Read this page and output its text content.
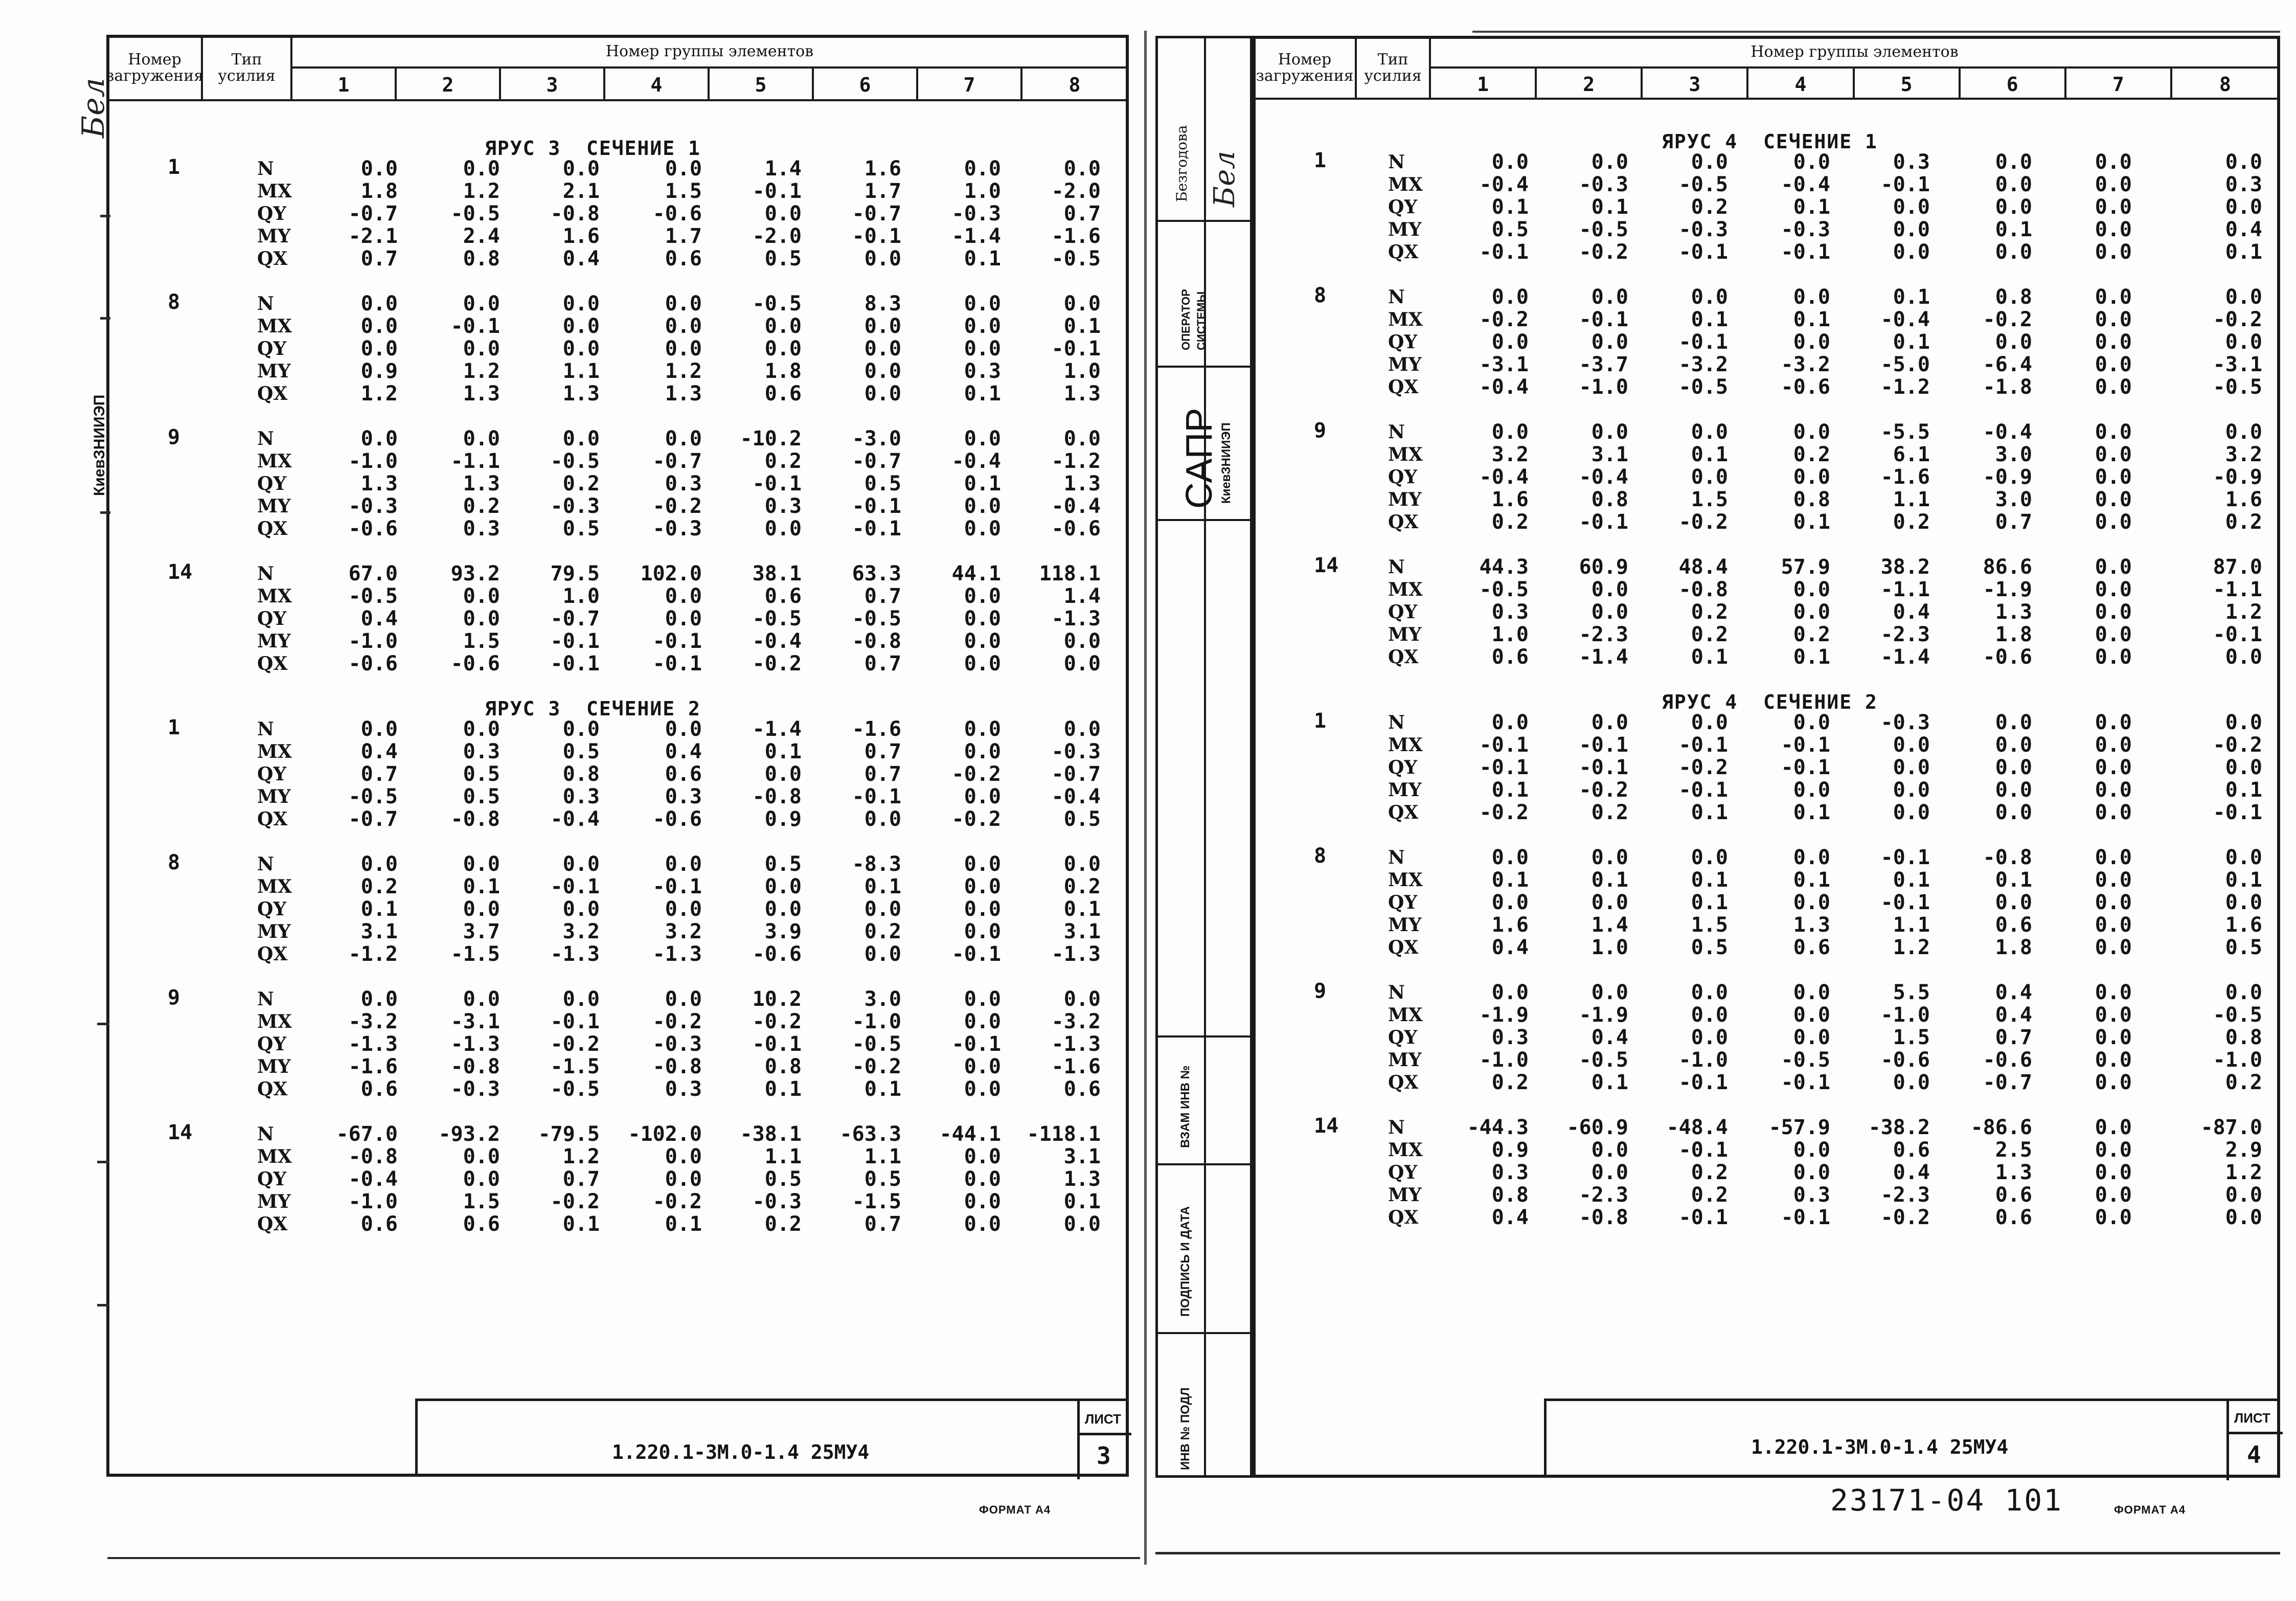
Номер загружения
Тип усилия
Номер группы элементов
1	2	3	4	5	6	7	8
ЯРУС 3  СЕЧЕНИЕ 1
1	N	0.0	0.0	0.0	0.0	1.4	1.6	0.0	0.0
MX	1.8	1.2	2.1	1.5	-0.1	1.7	1.0	-2.0
QY	-0.7	-0.5	-0.8	-0.6	0.0	-0.7	-0.3	0.7
MY	-2.1	2.4	1.6	1.7	-2.0	-0.1	-1.4	-1.6
QX	0.7	0.8	0.4	0.6	0.5	0.0	0.1	-0.5
8	N	0.0	0.0	0.0	0.0	-0.5	8.3	0.0	0.0
MX	0.0	-0.1	0.0	0.0	0.0	0.0	0.0	0.1
QY	0.0	0.0	0.0	0.0	0.0	0.0	0.0	-0.1
MY	0.9	1.2	1.1	1.2	1.8	0.0	0.3	1.0
QX	1.2	1.3	1.3	1.3	0.6	0.0	0.1	1.3
9	N	0.0	0.0	0.0	0.0	-10.2	-3.0	0.0	0.0
MX	-1.0	-1.1	-0.5	-0.7	0.2	-0.7	-0.4	-1.2
QY	1.3	1.3	0.2	0.3	-0.1	0.5	0.1	1.3
MY	-0.3	0.2	-0.3	-0.2	0.3	-0.1	0.0	-0.4
QX	-0.6	0.3	0.5	-0.3	0.0	-0.1	0.0	-0.6
14	N	67.0	93.2	79.5	102.0	38.1	63.3	44.1	118.1
MX	-0.5	0.0	1.0	0.0	0.6	0.7	0.0	1.4
QY	0.4	0.0	-0.7	0.0	-0.5	-0.5	0.0	-1.3
MY	-1.0	1.5	-0.1	-0.1	-0.4	-0.8	0.0	0.0
QX	-0.6	-0.6	-0.1	-0.1	-0.2	0.7	0.0	0.0
ЯРУС 3  СЕЧЕНИЕ 2
1	N	0.0	0.0	0.0	0.0	-1.4	-1.6	0.0	0.0
MX	0.4	0.3	0.5	0.4	0.1	0.7	0.0	-0.3
QY	0.7	0.5	0.8	0.6	0.0	0.7	-0.2	-0.7
MY	-0.5	0.5	0.3	0.3	-0.8	-0.1	0.0	-0.4
QX	-0.7	-0.8	-0.4	-0.6	0.9	0.0	-0.2	0.5
8	N	0.0	0.0	0.0	0.0	0.5	-8.3	0.0	0.0
MX	0.2	0.1	-0.1	-0.1	0.0	0.1	0.0	0.2
QY	0.1	0.0	0.0	0.0	0.0	0.0	0.0	0.1
MY	3.1	3.7	3.2	3.2	3.9	0.2	0.0	3.1
QX	-1.2	-1.5	-1.3	-1.3	-0.6	0.0	-0.1	-1.3
9	N	0.0	0.0	0.0	0.0	10.2	3.0	0.0	0.0
MX	-3.2	-3.1	-0.1	-0.2	-0.2	-1.0	0.0	-3.2
QY	-1.3	-1.3	-0.2	-0.3	-0.1	-0.5	-0.1	-1.3
MY	-1.6	-0.8	-1.5	-0.8	0.8	-0.2	0.0	-1.6
QX	0.6	-0.3	-0.5	0.3	0.1	0.1	0.0	0.6
14	N	-67.0	-93.2	-79.5 -102.0	-38.1	-63.3	-44.1 -118.1
MX	-0.8	0.0	1.2	0.0	1.1	1.1	0.0	3.1
QY	-0.4	0.0	0.7	0.0	0.5	0.5	0.0	1.3
MY	-1.0	1.5	-0.2	-0.2	-0.3	-1.5	0.0	0.1
QX	0.6	0.6	0.1	0.1	0.2	0.7	0.0	0.0
1.220.1-3М.0-1.4 25МУ4
ЛИСТ
3
ФОРМАТ А4
КиевЗНИИЭП
Бел
Безгодова Бел
ОПЕРАТОР СИСТЕМЫ
САПР КиевЗНИИЭП
ВЗАМ ИНВ №
ПОДПИСЬ И ДАТА
ИНВ № ПОДЛ
Номер загружения
Тип усилия
Номер группы элементов
1	2	3	4	5	6	7	8
ЯРУС 4  СЕЧЕНИЕ 1
1	N	0.0	0.0	0.0	0.0	0.3	0.0	0.0	0.0
MX	-0.4	-0.3	-0.5	-0.4	-0.1	0.0	0.0	0.3
QY	0.1	0.1	0.2	0.1	0.0	0.0	0.0	0.0
MY	0.5	-0.5	-0.3	-0.3	0.0	0.1	0.0	0.4
QX	-0.1	-0.2	-0.1	-0.1	0.0	0.0	0.0	0.1
8	N	0.0	0.0	0.0	0.0	0.1	0.8	0.0	0.0
MX	-0.2	-0.1	0.1	0.1	-0.4	-0.2	0.0	-0.2
QY	0.0	0.0	-0.1	0.0	0.1	0.0	0.0	0.0
MY	-3.1	-3.7	-3.2	-3.2	-5.0	-6.4	0.0	-3.1
QX	-0.4	-1.0	-0.5	-0.6	-1.2	-1.8	0.0	-0.5
9	N	0.0	0.0	0.0	0.0	-5.5	-0.4	0.0	0.0
MX	3.2	3.1	0.1	0.2	6.1	3.0	0.0	3.2
QY	-0.4	-0.4	0.0	0.0	-1.6	-0.9	0.0	-0.9
MY	1.6	0.8	1.5	0.8	1.1	3.0	0.0	1.6
QX	0.2	-0.1	-0.2	0.1	0.2	0.7	0.0	0.2
14	N	44.3	60.9	48.4	57.9	38.2	86.6	0.0	87.0
MX	-0.5	0.0	-0.8	0.0	-1.1	-1.9	0.0	-1.1
QY	0.3	0.0	0.2	0.0	0.4	1.3	0.0	1.2
MY	1.0	-2.3	0.2	0.2	-2.3	1.8	0.0	-0.1
QX	0.6	-1.4	0.1	0.1	-1.4	-0.6	0.0	0.0
ЯРУС 4  СЕЧЕНИЕ 2
1	N	0.0	0.0	0.0	0.0	-0.3	0.0	0.0	0.0
MX	-0.1	-0.1	-0.1	-0.1	0.0	0.0	0.0	-0.2
QY	-0.1	-0.1	-0.2	-0.1	0.0	0.0	0.0	0.0
MY	0.1	-0.2	-0.1	0.0	0.0	0.0	0.0	0.1
QX	-0.2	0.2	0.1	0.1	0.0	0.0	0.0	-0.1
8	N	0.0	0.0	0.0	0.0	-0.1	-0.8	0.0	0.0
MX	0.1	0.1	0.1	0.1	0.1	0.1	0.0	0.1
QY	0.0	0.0	0.1	0.0	-0.1	0.0	0.0	0.0
MY	1.6	1.4	1.5	1.3	1.1	0.6	0.0	1.6
QX	0.4	1.0	0.5	0.6	1.2	1.8	0.0	0.5
9	N	0.0	0.0	0.0	0.0	5.5	0.4	0.0	0.0
MX	-1.9	-1.9	0.0	0.0	-1.0	0.4	0.0	-0.5
QY	0.3	0.4	0.0	0.0	1.5	0.7	0.0	0.8
MY	-1.0	-0.5	-1.0	-0.5	-0.6	-0.6	0.0	-1.0
QX	0.2	0.1	-0.1	-0.1	0.0	-0.7	0.0	0.2
14	N	-44.3	-60.9	-48.4	-57.9	-38.2	-86.6	0.0	-87.0
MX	0.9	0.0	-0.1	0.0	0.6	2.5	0.0	2.9
QY	0.3	0.0	0.2	0.0	0.4	1.3	0.0	1.2
MY	0.8	-2.3	0.2	0.3	-2.3	0.6	0.0	0.0
QX	0.4	-0.8	-0.1	-0.1	-0.2	0.6	0.0	0.0
1.220.1-3М.0-1.4 25МУ4
ЛИСТ
4
23171-04 101	ФОРМАТ А4
